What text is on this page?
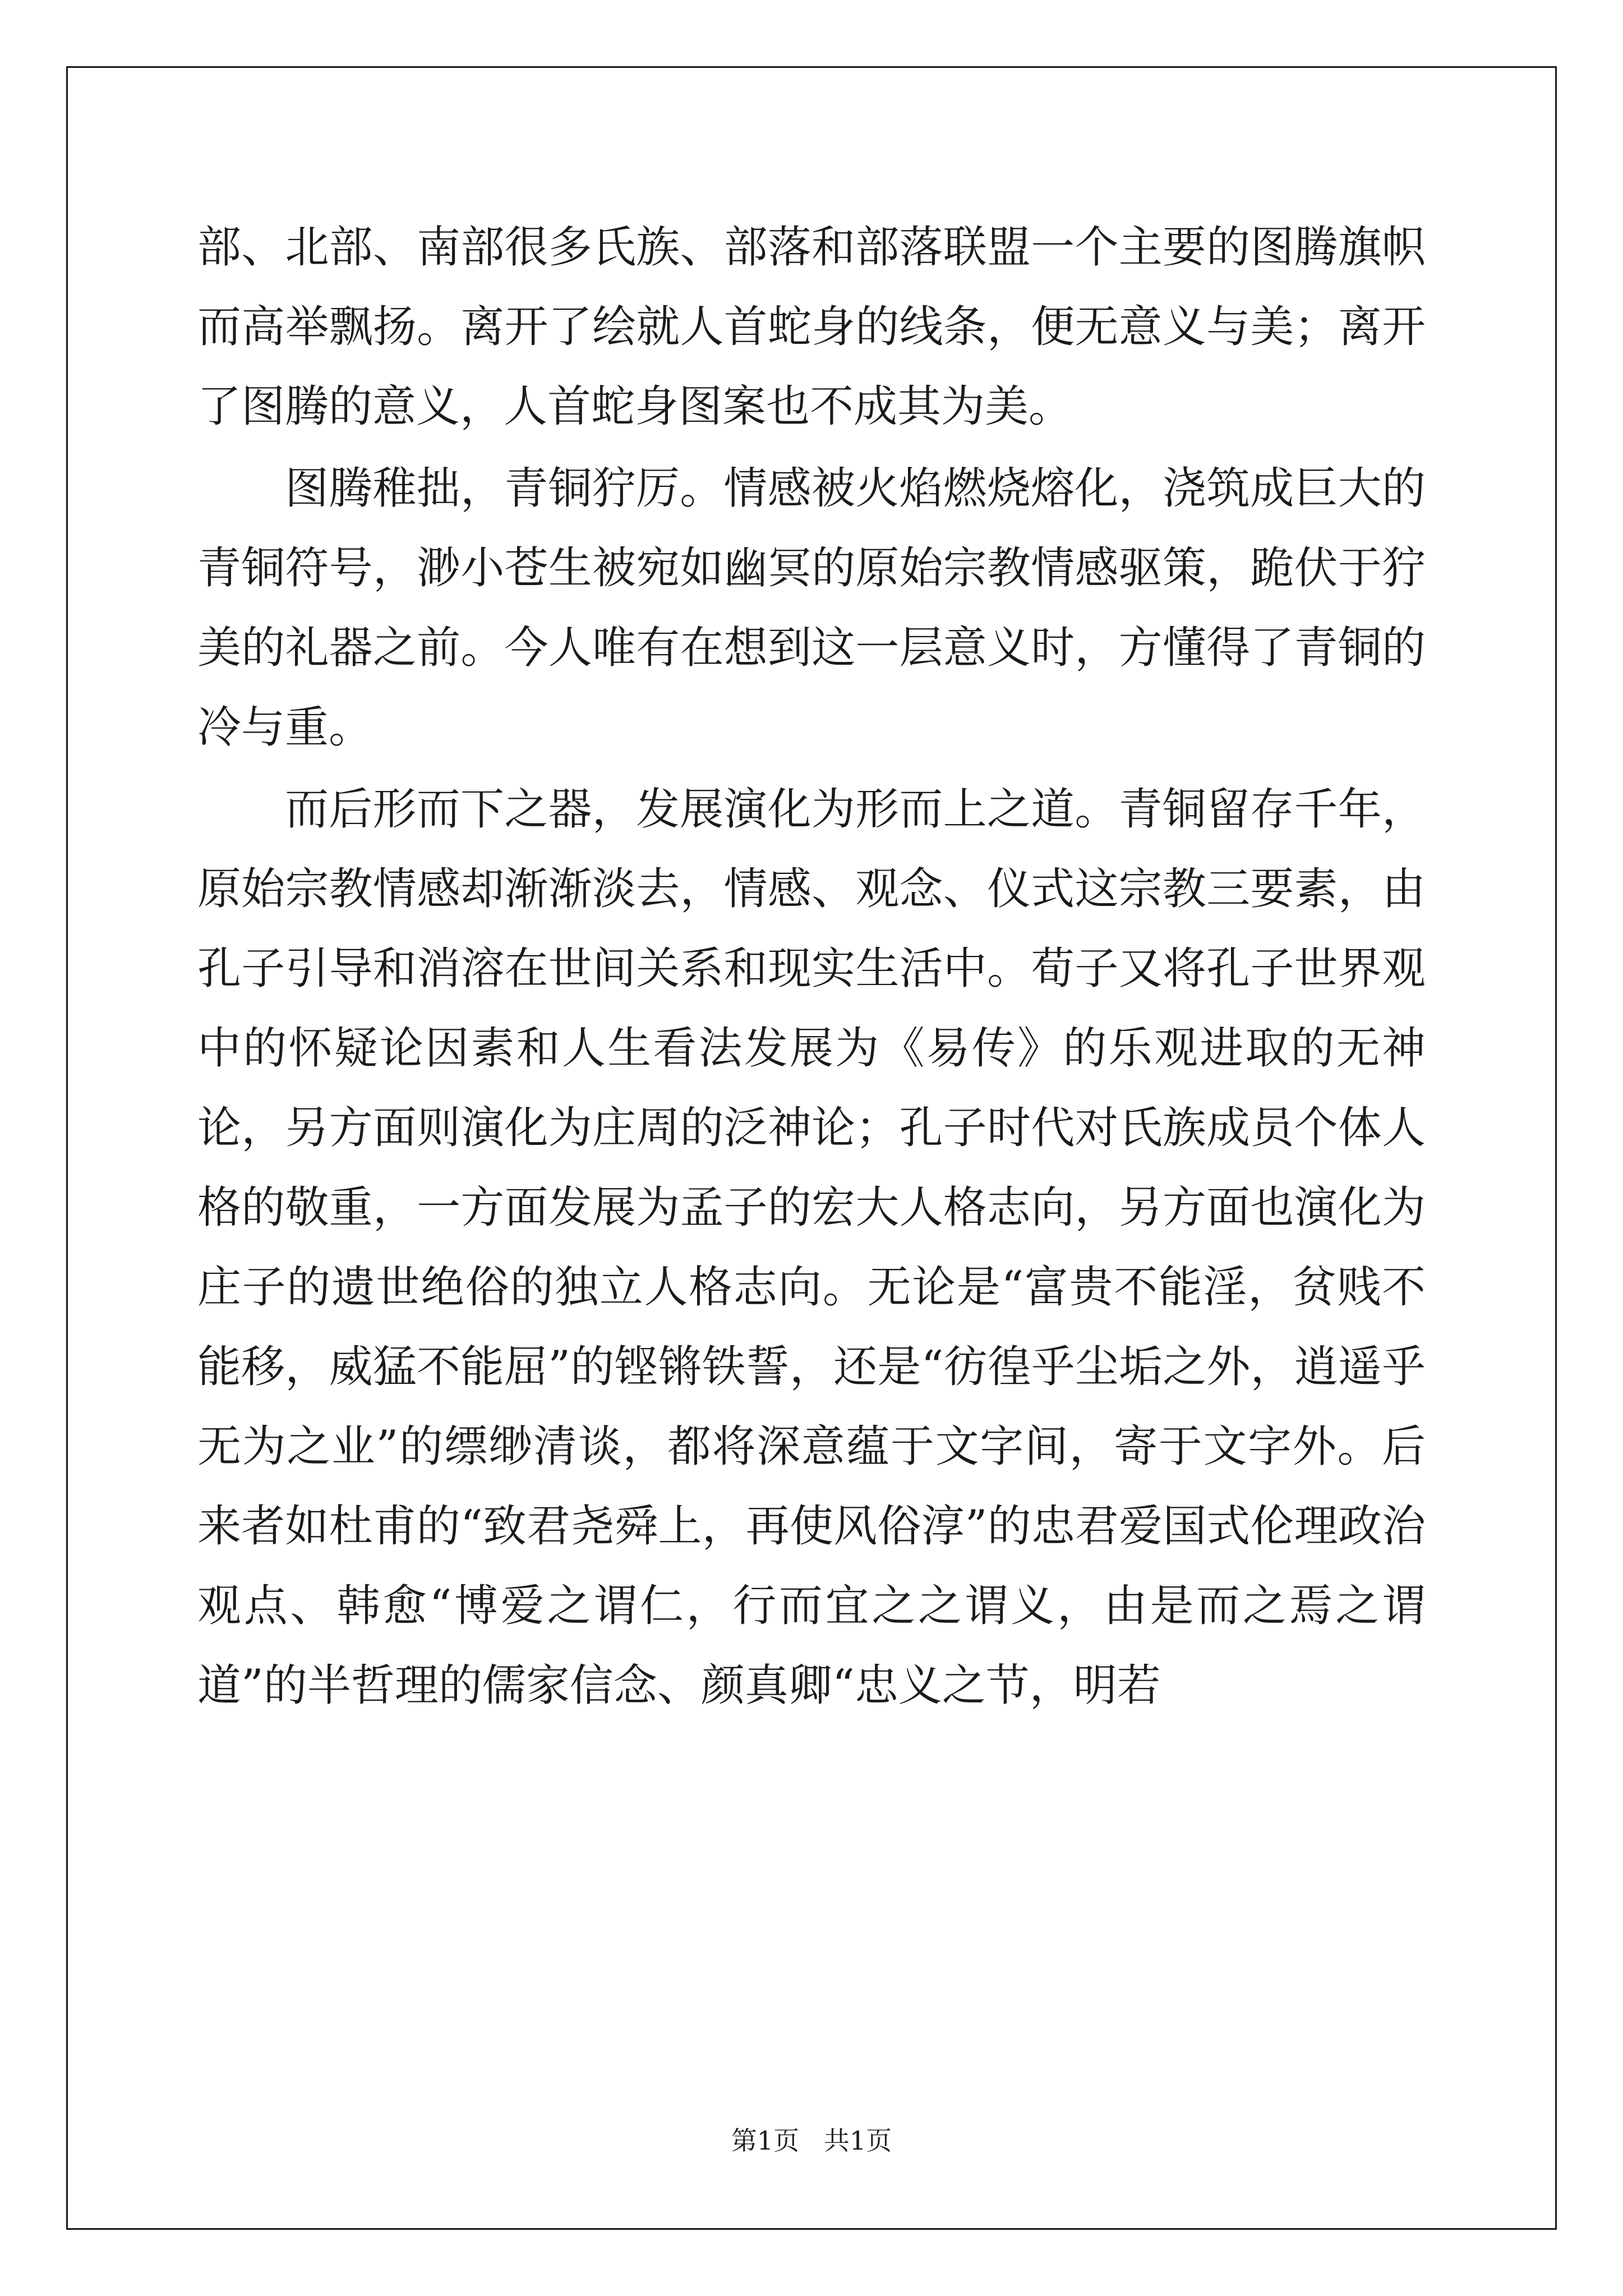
部、北部、南部很多氏族、部落和部落联盟一个主要的图腾旗帜而高举飘扬。离开了绘就人首蛇身的线条，便无意义与美；离开了图腾的意义，人首蛇身图案也不成其为美。

图腾稚拙，青铜狞厉。情感被火焰燃烧熔化，浇筑成巨大的青铜符号，渺小苍生被宛如幽冥的原始宗教情感驱策，跪伏于狞美的礼器之前。今人唯有在想到这一层意义时，方懂得了青铜的冷与重。

而后形而下之器，发展演化为形而上之道。青铜留存千年，原始宗教情感却渐渐淡去，情感、观念、仪式这宗教三要素，由孔子引导和消溶在世间关系和现实生活中。荀子又将孔子世界观中的怀疑论因素和人生看法发展为《易传》的乐观进取的无神论，另方面则演化为庄周的泛神论；孔子时代对氏族成员个体人格的敬重，一方面发展为孟子的宏大人格志向，另方面也演化为庄子的遗世绝俗的独立人格志向。无论是“富贵不能淫，贫贱不能移，威猛不能屈”的铿锵铁誓，还是“彷徨乎尘垢之外，逍遥乎无为之业”的缥缈清谈，都将深意蕴于文字间，寄于文字外。后来者如杜甫的“致君尧舜上，再使风俗淳”的忠君爱国式伦理政治观点、韩愈“博爱之谓仁，行而宜之之谓义，由是而之焉之谓道”的半哲理的儒家信念、颜真卿“忠义之节，明若

第1页   共1页
